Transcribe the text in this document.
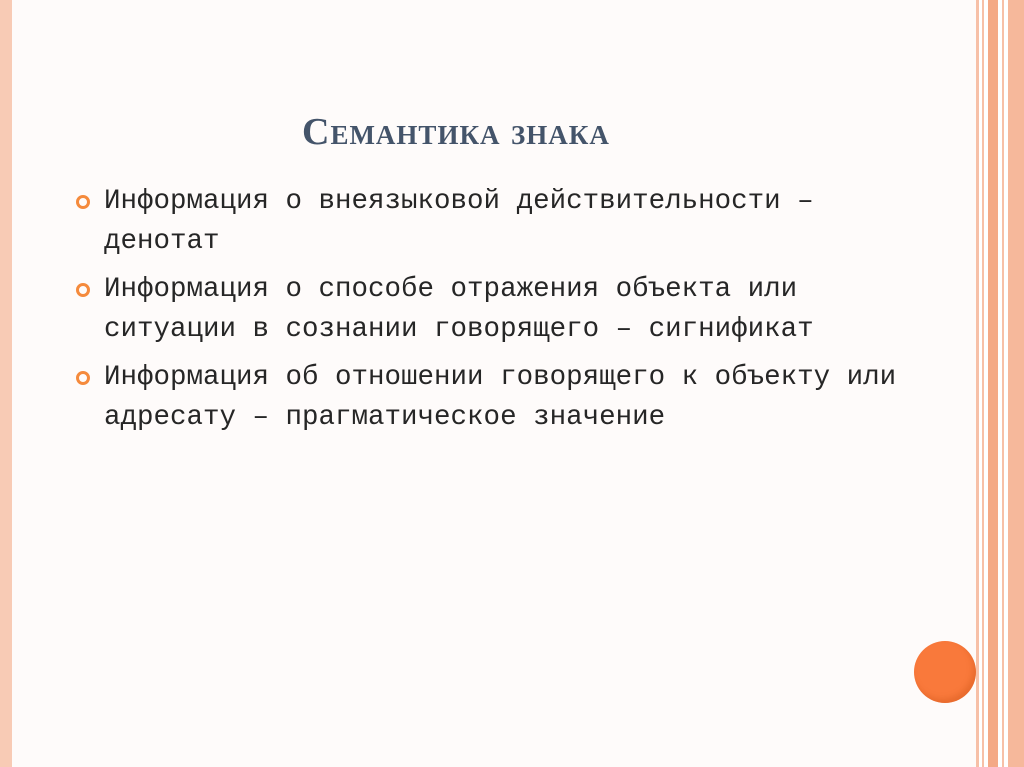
Семантика знака
Информация о внеязыковой действительности – денотат
Информация о способе отражения объекта или ситуации в сознании говорящего – сигнификат
Информация об отношении говорящего к объекту или адресату – прагматическое значение
